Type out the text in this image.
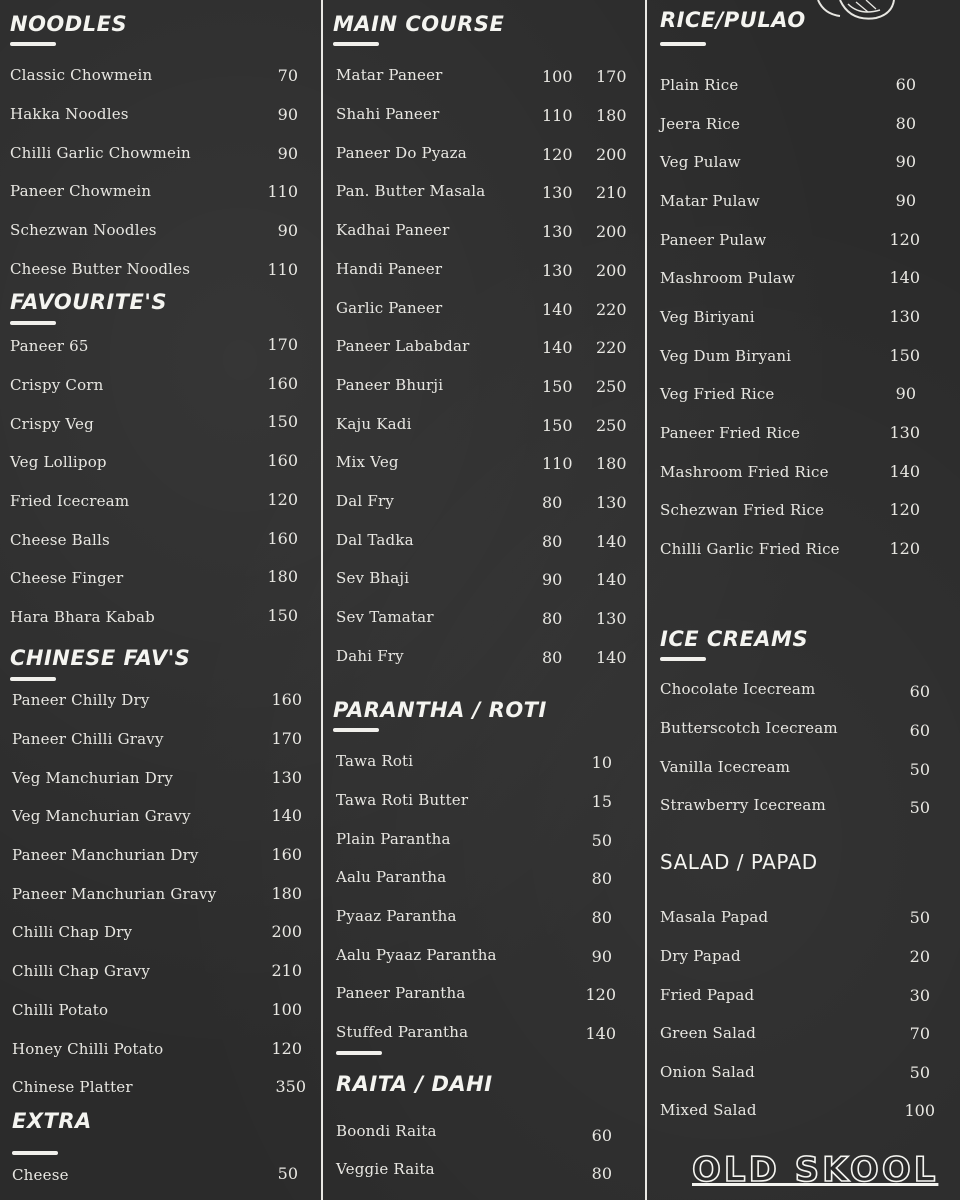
NOODLES
Classic Chowmein	70
Hakka Noodles	90
Chilli Garlic Chowmein	90
Paneer Chowmein	110
Schezwan Noodles	90
Cheese Butter Noodles	110
FAVOURITE'S
Paneer 65	170
Crispy Corn	160
Crispy Veg	150
Veg Lollipop	160
Fried Icecream	120
Cheese Balls	160
Cheese Finger	180
Hara Bhara Kabab	150
CHINESE FAV'S
Paneer Chilly Dry	160
Paneer Chilli Gravy	170
Veg Manchurian Dry	130
Veg Manchurian Gravy	140
Paneer Manchurian Dry	160
Paneer Manchurian Gravy	180
Chilli Chap Dry	200
Chilli Chap Gravy	210
Chilli Potato	100
Honey Chilli Potato	120
Chinese Platter	350
EXTRA
Cheese	50
MAIN COURSE
Matar Paneer	100 170
Shahi Paneer	110 180
Paneer Do Pyaza	120 200
Pan. Butter Masala	130 210
Kadhai Paneer	130 200
Handi Paneer	130 200
Garlic Paneer	140 220
Paneer Lababdar	140 220
Paneer Bhurji	150 250
Kaju Kadi	150 250
Mix Veg	110 180
Dal Fry	80 130
Dal Tadka	80 140
Sev Bhaji	90 140
Sev Tamatar	80 130
Dahi Fry	80 140
PARANTHA / ROTI
Tawa Roti	10
Tawa Roti Butter	15
Plain Parantha	50
Aalu Parantha	80
Pyaaz Parantha	80
Aalu Pyaaz Parantha	90
Paneer Parantha	120
Stuffed Parantha	140
RAITA / DAHI
Boondi Raita	60
Veggie Raita	80
RICE/PULAO
Plain Rice	60
Jeera Rice	80
Veg Pulaw	90
Matar Pulaw	90
Paneer Pulaw	120
Mashroom Pulaw	140
Veg Biriyani	130
Veg Dum Biryani	150
Veg Fried Rice	90
Paneer Fried Rice	130
Mashroom Fried Rice	140
Schezwan Fried Rice	120
Chilli Garlic Fried Rice	120
ICE CREAMS
Chocolate Icecream	60
Butterscotch Icecream	60
Vanilla Icecream	50
Strawberry Icecream	50
SALAD / PAPAD
Masala Papad	50
Dry Papad	20
Fried Papad	30
Green Salad	70
Onion Salad	50
Mixed Salad	100
OLD SKOOL
